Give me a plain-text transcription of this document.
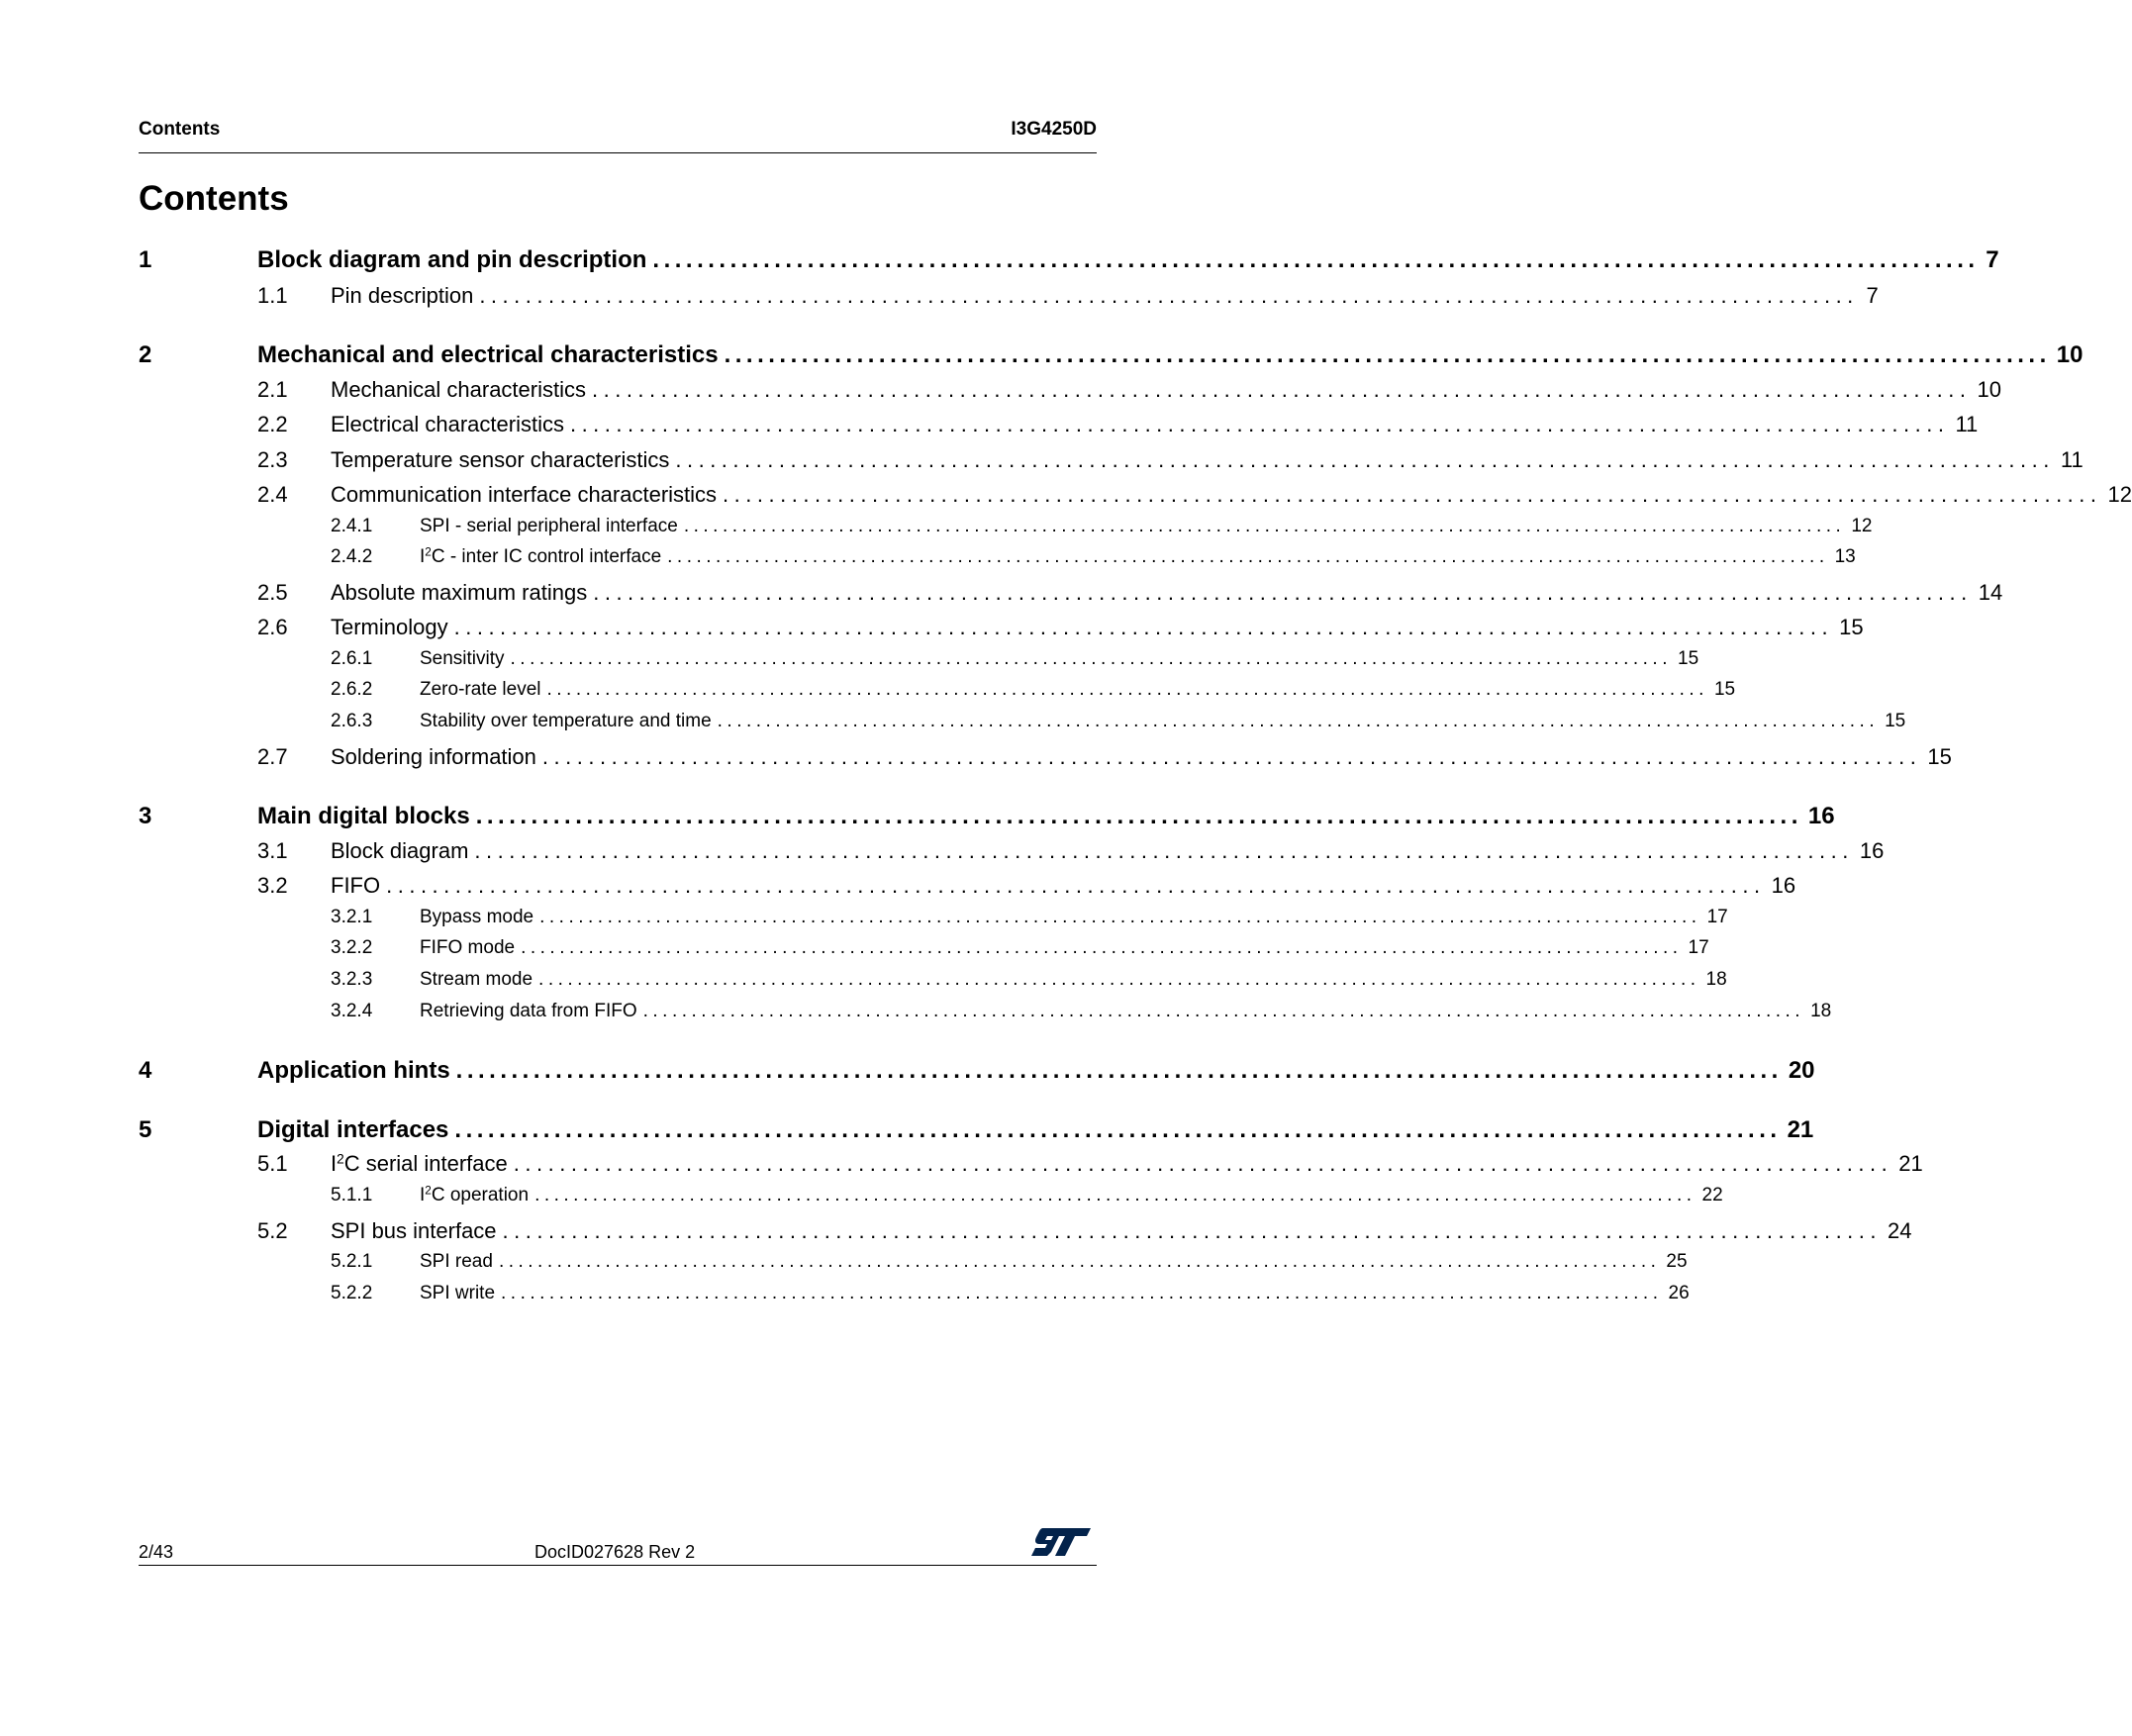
Contents	I3G4250D
Contents
1	Block diagram and pin description ........................................................................................................................ 7
1.1 Pin description ........................................................................................................................ 7
2	Mechanical and electrical characteristics ........................................................................................................................ 10
2.1 Mechanical characteristics ........................................................................................................................ 10
2.2 Electrical characteristics ........................................................................................................................ 11
2.3 Temperature sensor characteristics ........................................................................................................................ 11
2.4 Communication interface characteristics ........................................................................................................................ 12
2.4.1	SPI - serial peripheral interface ........................................................................................................................ 12
2.4.2	$I^2C$ - inter IC control interface ........................................................................................................................ 13
2.5 Absolute maximum ratings ........................................................................................................................ 14
2.6 Terminology ........................................................................................................................ 15
2.6.1	Sensitivity ........................................................................................................................ 15
2.6.2	Zero-rate level ........................................................................................................................ 15
2.6.3	Stability over temperature and time ........................................................................................................................ 15
2.7 Soldering information ........................................................................................................................ 15
3	Main digital blocks ........................................................................................................................ 16
3.1 Block diagram ........................................................................................................................ 16
3.2 FIFO ........................................................................................................................ 16
3.2.1	Bypass mode ........................................................................................................................ 17
3.2.2	FIFO mode ........................................................................................................................ 17
3.2.3	Stream mode ........................................................................................................................ 18
3.2.4	Retrieving data from FIFO ........................................................................................................................ 18
4	Application hints ........................................................................................................................ 20
5	Digital interfaces ........................................................................................................................ 21
5.1 $I^2C$ serial interface ........................................................................................................................ 21
5.1.1	$I^2C$ operation ........................................................................................................................ 22
5.2 SPI bus interface ........................................................................................................................ 24
5.2.1	SPI read ........................................................................................................................ 25
5.2.2	SPI write ........................................................................................................................ 26
2/43	DocID027628 Rev 2
